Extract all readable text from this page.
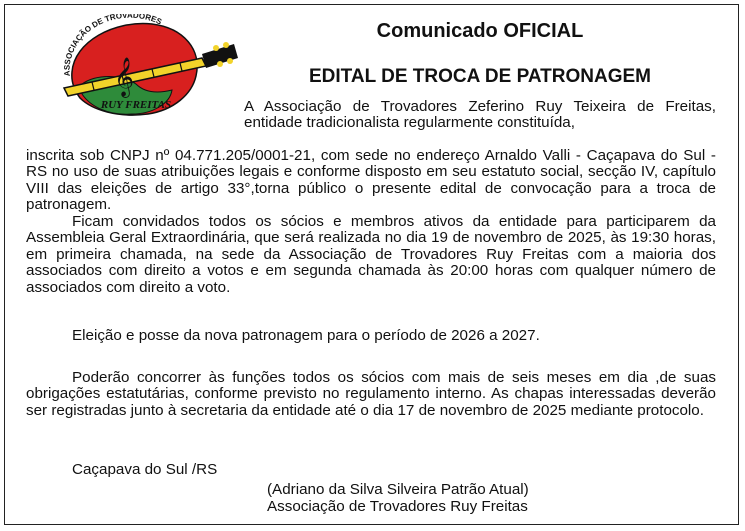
𝄞
ASSOCIAÇÃO DE TROVADORES
RUY FREITAS
Comunicado OFICIAL
EDITAL DE TROCA DE PATRONAGEM

A Associação de Trovadores Zeferino Ruy Teixeira de Freitas, entidade tradicionalista regularmente constituída,

inscrita sob CNPJ nº 04.771.205/0001-21, com sede no endereço Arnaldo Valli - Caçapava do Sul - RS no uso de suas atribuições legais e conforme disposto em seu estatuto social, secção IV, capítulo VIII das eleições de artigo 33°,torna público o presente edital de convocação para a troca de patronagem.

Ficam convidados todos os sócios e membros ativos da entidade para participarem da Assembleia Geral Extraordinária, que será realizada no dia 19 de novembro de 2025, às 19:30 horas, em primeira chamada, na sede da Associação de Trovadores Ruy Freitas com a maioria dos associados com direito a votos e em segunda chamada às 20:00 horas com qualquer número de associados com direito a voto.

Eleição e posse da nova patronagem para o período de 2026 a 2027.

Poderão concorrer às funções todos os sócios com mais de seis meses em dia ,de suas obrigações estatutárias, conforme previsto no regulamento interno. As chapas interessadas deverão ser registradas junto à secretaria da entidade até o dia 17 de novembro de 2025 mediante protocolo.

Caçapava do Sul /RS
(Adriano da Silva Silveira Patrão Atual)
Associação de Trovadores Ruy Freitas
